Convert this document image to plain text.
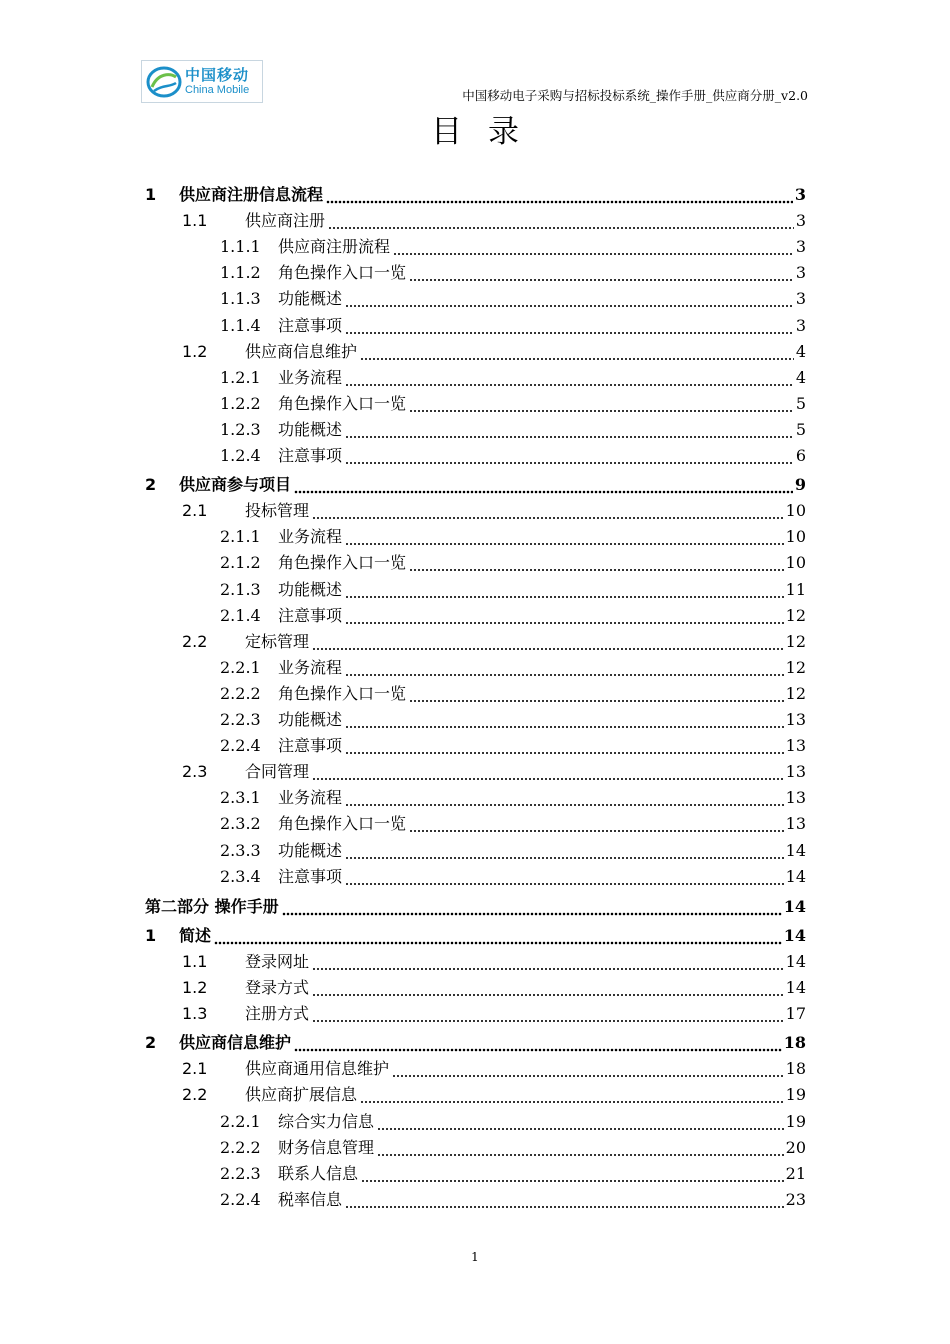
中国移动
China Mobile	中国移动电子采购与招标投标系统_操作手册_供应商分册_v2.0
目录
1 供应商注册信息流程	3
1.1 供应商注册	3
1.1.1 供应商注册流程	3
1.1.2 角色操作入口一览	3
1.1.3 功能概述	3
1.1.4 注意事项	3
1.2 供应商信息维护	4
1.2.1 业务流程	4
1.2.2 角色操作入口一览	5
1.2.3 功能概述	5
1.2.4 注意事项	6
2 供应商参与项目	9
2.1 投标管理	10
2.1.1 业务流程	10
2.1.2 角色操作入口一览	10
2.1.3 功能概述	11
2.1.4 注意事项	12
2.2 定标管理	12
2.2.1 业务流程	12
2.2.2 角色操作入口一览	12
2.2.3 功能概述	13
2.2.4 注意事项	13
2.3 合同管理	13
2.3.1 业务流程	13
2.3.2 角色操作入口一览	13
2.3.3 功能概述	14
2.3.4 注意事项	14
第二部分 操作手册	14
1 简述	14
1.1 登录网址	14
1.2 登录方式	14
1.3 注册方式	17
2 供应商信息维护	18
2.1 供应商通用信息维护	18
2.2 供应商扩展信息	19
2.2.1 综合实力信息	19
2.2.2 财务信息管理	20
2.2.3 联系人信息	21
2.2.4 税率信息	23
1
